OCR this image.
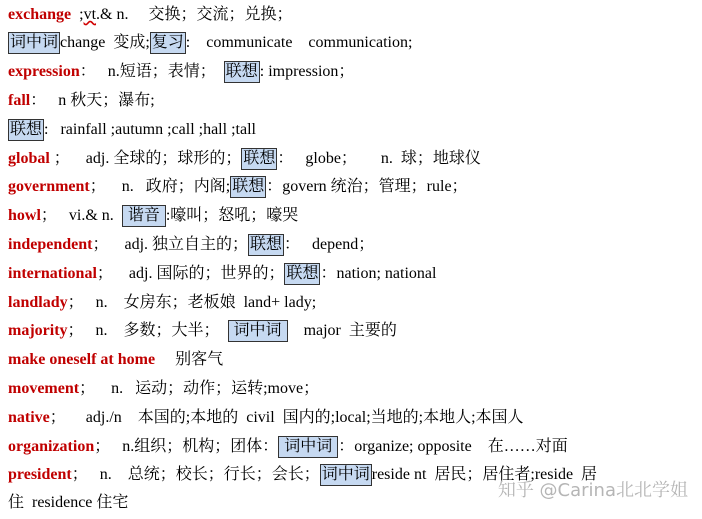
exchange  ;vt.& n.     交换；交流；兑换；
词中词 change  变成; 复习 :    communicate    communication;
expression：   n.短语；表情；  联想 : impression；
fall：   n 秋天；瀑布;
联想 :   rainfall ;autumn ;call ;hall ;tall
global ；    adj. 全球的；球形的； 联想 ：   globe；      n.  球；地球仪
government；    n.   政府；内阁; 联想 ：govern 统治；管理；rule；
howl；   vi.& n.   谐音 :嚎叫；怒吼；嚎哭
independent；    adj. 独立自主的； 联想 ：   depend；
international；    adj. 国际的；世界的； 联想 ：nation; national
landlady；   n.    女房东；老板娘  land+ lady;
majority；   n.    多数；大半；   词中词     major  主要的
make oneself at home     别客气
movement；    n.   运动；动作；运转;move；
native；     adj./n    本国的;本地的  civil  国内的;local;当地的;本地人;本国人
organization；   n.组织；机构；团体： 词中词 ：organize; opposite    在……对面
president；   n.    总统；校长；行长；会长； 词中词 reside nt  居民；居住者;reside  居
住  residence 住宅
知乎 @Carina北北学姐
